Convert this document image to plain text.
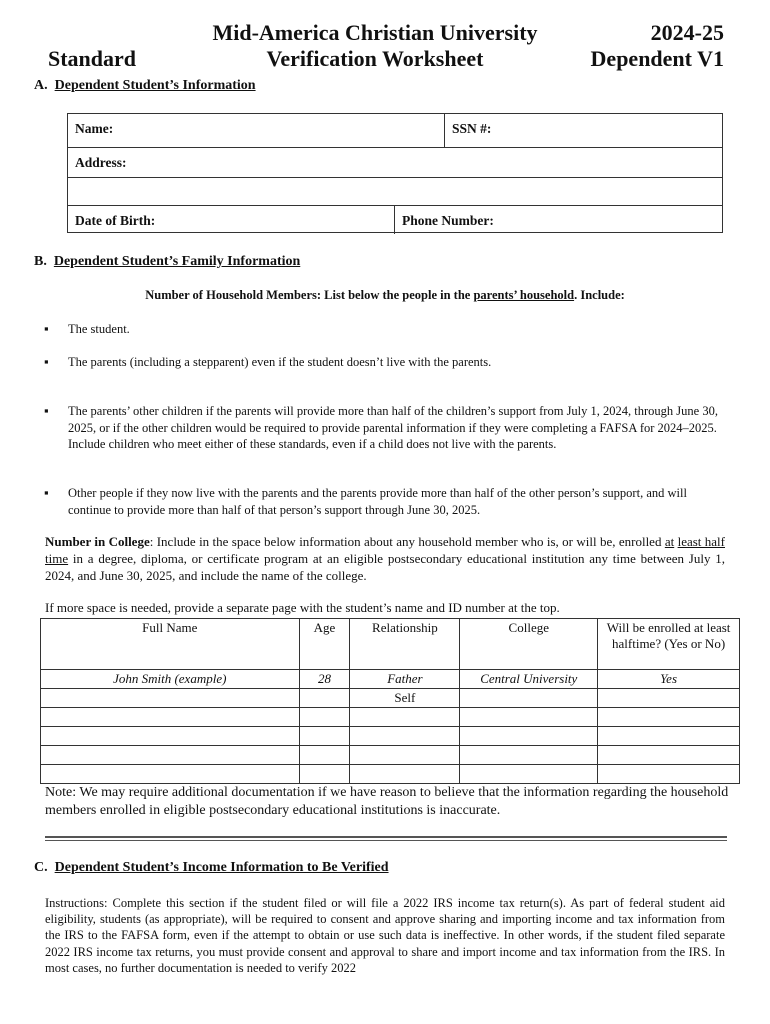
Mid-America Christian University
Verification Worksheet
Standard
2024-25
Dependent V1
A. Dependent Student’s Information
Name:	SSN #:
Address:
Date of Birth:	Phone Number:
B. Dependent Student’s Family Information
Number of Household Members: List below the people in the parents’ household. Include:
▪ The student.
▪ The parents (including a stepparent) even if the student doesn’t live with the parents.
▪ The parents’ other children if the parents will provide more than half of the children’s support from July 1, 2024, through June 30, 2025, or if the other children would be required to provide parental information if they were completing a FAFSA for 2024–2025. Include children who meet either of these standards, even if a child does not live with the parents.
▪ Other people if they now live with the parents and the parents provide more than half of the other person’s support, and will continue to provide more than half of that person’s support through June 30, 2025.
Number in College: Include in the space below information about any household member who is, or will be, enrolled at least half time in a degree, diploma, or certificate program at an eligible postsecondary educational institution any time between July 1, 2024, and June 30, 2025, and include the name of the college.
If more space is needed, provide a separate page with the student’s name and ID number at the top.
Full Name	Age	Relationship	College	Will be enrolled at least halftime? (Yes or No)
John Smith (example)	28	Father	Central University	Yes
		Self		

Note: We may require additional documentation if we have reason to believe that the information regarding the household members enrolled in eligible postsecondary educational institutions is inaccurate.
C. Dependent Student’s Income Information to Be Verified
Instructions: Complete this section if the student filed or will file a 2022 IRS income tax return(s). As part of federal student aid eligibility, students (as appropriate), will be required to consent and approve sharing and importing income and tax information from the IRS to the FAFSA form, even if the attempt to obtain or use such data is ineffective. In other words, if the student filed separate 2022 IRS income tax returns, you must provide consent and approval to share and import income and tax information from the IRS. In most cases, no further documentation is needed to verify 2022
